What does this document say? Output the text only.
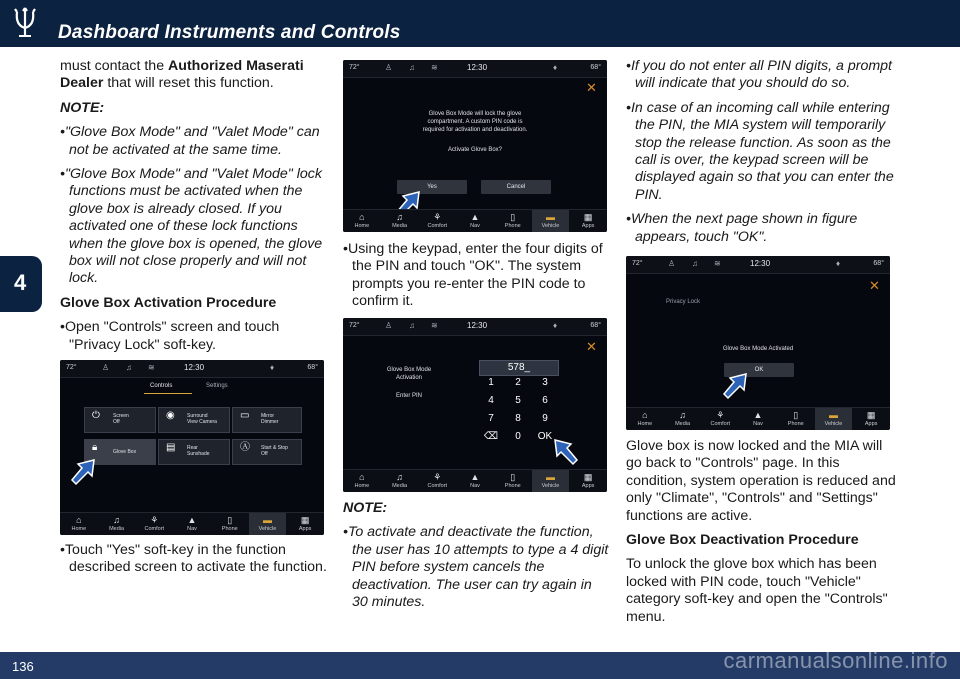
Dashboard Instruments and Controls
4

must contact the Authorized Maserati Dealer that will reset this function.

NOTE:

• "Glove Box Mode" and "Valet Mode" can not be activated at the same time.

• "Glove Box Mode" and "Valet Mode" lock functions must be activated when the glove box is already closed. If you activated one of these lock functions when the glove box is opened, the glove box will not close properly and will not lock.

Glove Box Activation Procedure

• Open "Controls" screen and touch "Privacy Lock" soft-key.

72°	♙ ♫ ≋	12:30	♦	68°
Controls	Settings
⏻	Screen
Off
◉ Surround
View Camera
▭ Mirror
Dimmer
🔒︎	Glove Box	▤ Rear
Sunshade
Ⓐ Start & Stop
Off
⌂
Home
♫
Media
⚘
Comfort
▲
Nav
▯
Phone
▬
Vehicle
▦
Apps

• Touch "Yes" soft-key in the function described screen to activate the function.

72°	♙ ♫ ≋	12:30	♦	68°
✕
Glove Box Mode will lock the glove
compartment. A custom PIN code is
required for activation and deactivation.
Activate Glove Box?
Yes	Cancel
⌂
Home
♫
Media
⚘
Comfort
▲
Nav
▯
Phone
▬
Vehicle
▦
Apps

• Using the keypad, enter the four digits of the PIN and touch "OK". The system prompts you re-enter the PIN code to confirm it.

72°	♙ ♫ ≋	12:30	♦	68°
✕
Glove Box Mode
Activation
Enter PIN
578_
1	2	3
4	5	6
7	8	9
⌫	0	OK
⌂
Home
♫
Media
⚘
Comfort
▲
Nav
▯
Phone
▬
Vehicle
▦
Apps

NOTE:

• To activate and deactivate the function, the user has 10 attempts to type a 4 digit PIN before system cancels the deactivation. The user can try again in 30 minutes.

• If you do not enter all PIN digits, a prompt will indicate that you should do so.

• In case of an incoming call while entering the PIN, the MIA system will temporarily stop the release function. As soon as the call is over, the keypad screen will be displayed again so that you can enter the PIN.

• When the next page shown in figure appears, touch "OK".

72°	♙ ♫ ≋	12:30	♦	68°
Privacy Lock
✕
Glove Box Mode Activated
OK
⌂
Home
♫
Media
⚘
Comfort
▲
Nav
▯
Phone
▬
Vehicle
▦
Apps

Glove box is now locked and the MIA will go back to "Controls" page. In this condition, system operation is reduced and only "Climate", "Controls" and "Settings" functions are active.

Glove Box Deactivation Procedure

To unlock the glove box which has been locked with PIN code, touch "Vehicle" category soft-key and open the "Controls" menu.

136	carmanualsonline.info
